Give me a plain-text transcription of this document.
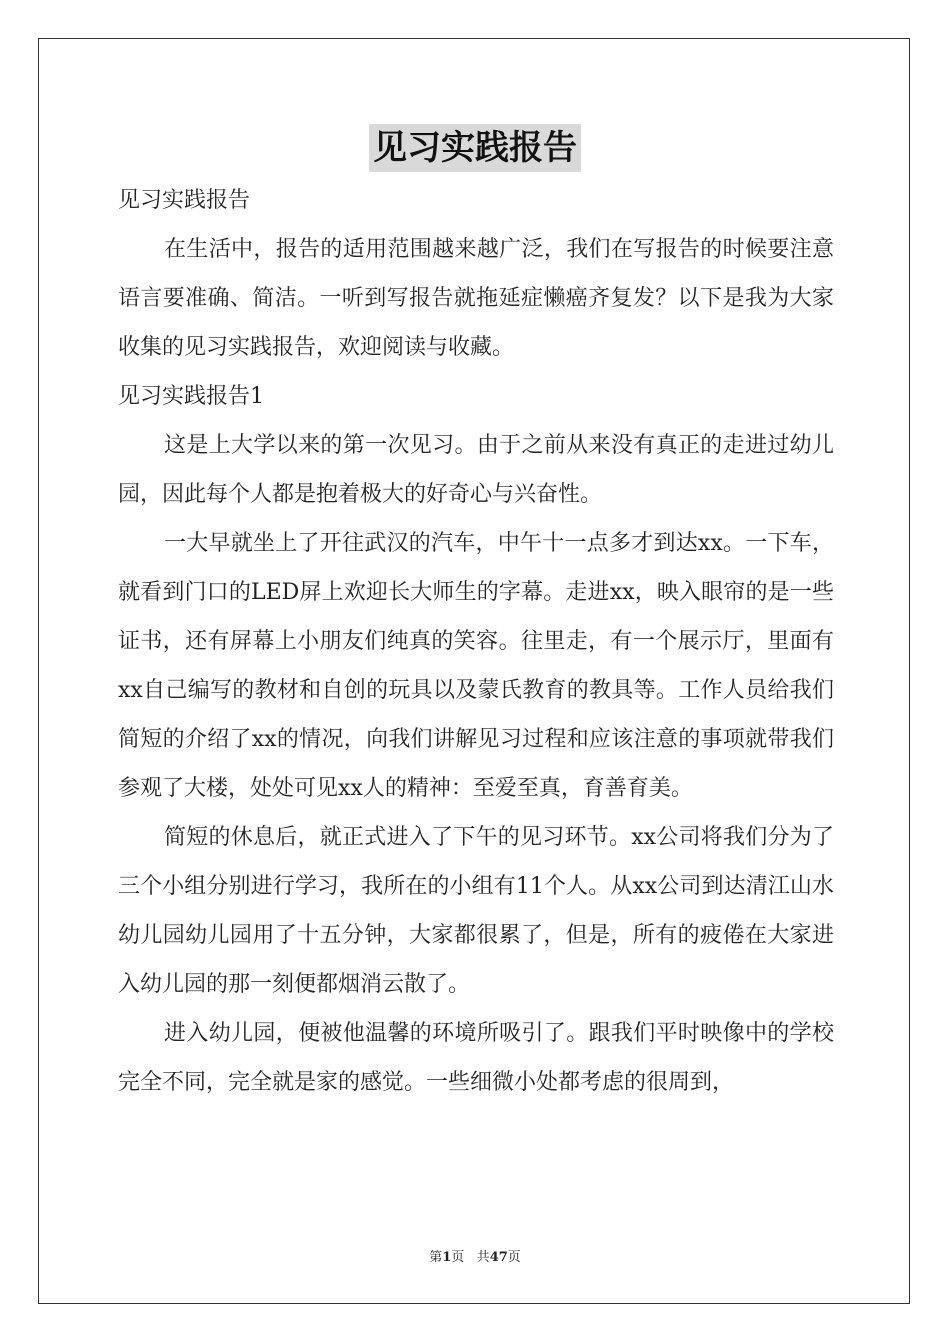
见习实践报告

见习实践报告

在生活中，报告的适用范围越来越广泛，我们在写报告的时候要注意语言要准确、简洁。一听到写报告就拖延症懒癌齐复发？以下是我为大家收集的见习实践报告，欢迎阅读与收藏。

见习实践报告1

这是上大学以来的第一次见习。由于之前从来没有真正的走进过幼儿园，因此每个人都是抱着极大的好奇心与兴奋性。

一大早就坐上了开往武汉的汽车，中午十一点多才到达xx。一下车，就看到门口的LED屏上欢迎长大师生的字幕。走进xx，映入眼帘的是一些证书，还有屏幕上小朋友们纯真的笑容。往里走，有一个展示厅，里面有xx自己编写的教材和自创的玩具以及蒙氏教育的教具等。工作人员给我们简短的介绍了xx的情况，向我们讲解见习过程和应该注意的事项就带我们参观了大楼，处处可见xx人的精神：至爱至真，育善育美。

简短的休息后，就正式进入了下午的见习环节。xx公司将我们分为了三个小组分别进行学习，我所在的小组有11个人。从xx公司到达清江山水幼儿园幼儿园用了十五分钟，大家都很累了，但是，所有的疲倦在大家进入幼儿园的那一刻便都烟消云散了。

进入幼儿园，便被他温馨的环境所吸引了。跟我们平时映像中的学校完全不同，完全就是家的感觉。一些细微小处都考虑的很周到，

第1页 共47页
